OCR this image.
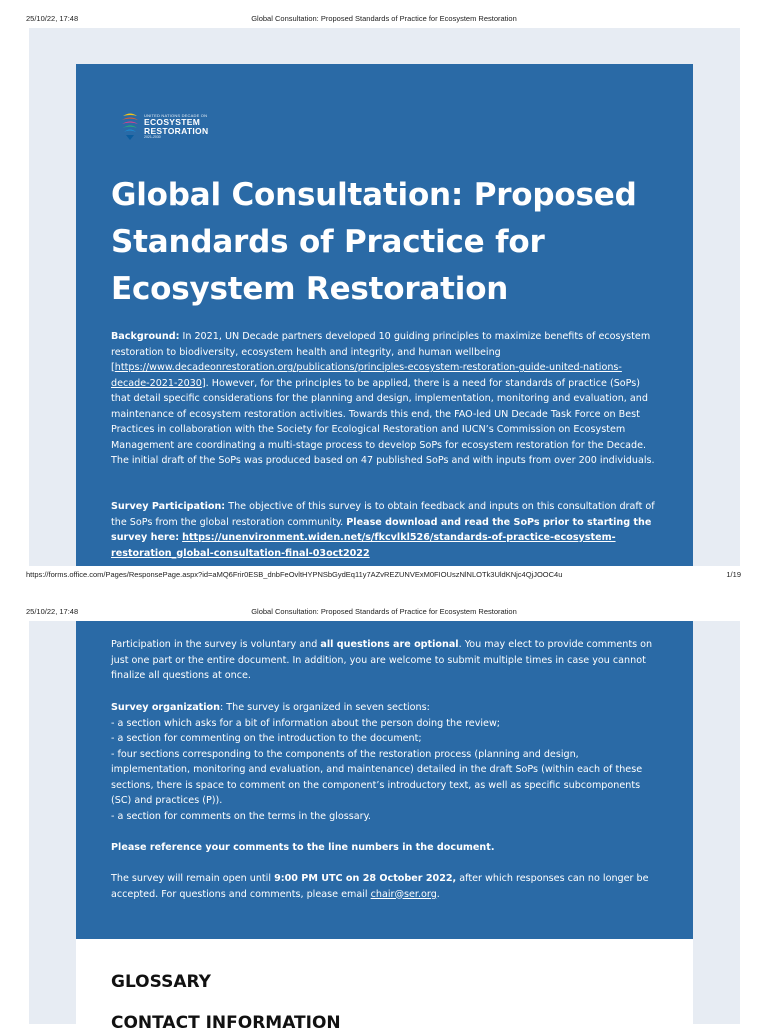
25/10/22, 17:48	Global Consultation: Proposed Standards of Practice for Ecosystem Restoration
UNITED NATIONS DECADE ON
ECOSYSTEM
RESTORATION
2021-2030
Global Consultation: Proposed Standards of Practice for Ecosystem Restoration

Background: In 2021, UN Decade partners developed 10 guiding principles to maximize benefits of ecosystem restoration to biodiversity, ecosystem health and integrity, and human wellbeing [https://www.decadeonrestoration.org/publications/principles-ecosystem-restoration-guide-united-nations-decade-2021-2030]. However, for the principles to be applied, there is a need for standards of practice (SoPs) that detail specific considerations for the planning and design, implementation, monitoring and evaluation, and maintenance of ecosystem restoration activities. Towards this end, the FAO-led UN Decade Task Force on Best Practices in collaboration with the Society for Ecological Restoration and IUCN’s Commission on Ecosystem Management are coordinating a multi-stage process to develop SoPs for ecosystem restoration for the Decade. The initial draft of the SoPs was produced based on 47 published SoPs and with inputs from over 200 individuals.

Survey Participation: The objective of this survey is to obtain feedback and inputs on this consultation draft of the SoPs from the global restoration community. Please download and read the SoPs prior to starting the survey here: https://unenvironment.widen.net/s/fkcvlkl526/standards-of-practice-ecosystem-restoration_global-consultation-final-03oct2022

https://forms.office.com/Pages/ResponsePage.aspx?id=aMQ6Frir0ESB_dnbFeOvltHYPNSbGydEq11y7AZvREZUNVExM0FIOUszNlNLOTk3UldKNjc4QjJOOC4u	1/19
25/10/22, 17:48	Global Consultation: Proposed Standards of Practice for Ecosystem Restoration

Participation in the survey is voluntary and all questions are optional. You may elect to provide comments on just one part or the entire document. In addition, you are welcome to submit multiple times in case you cannot finalize all questions at once.

Survey organization: The survey is organized in seven sections:
- a section which asks for a bit of information about the person doing the review;
- a section for commenting on the introduction to the document;
- four sections corresponding to the components of the restoration process (planning and design, implementation, monitoring and evaluation, and maintenance) detailed in the draft SoPs (within each of these sections, there is space to comment on the component’s introductory text, as well as specific subcomponents (SC) and practices (P)).
- a section for comments on the terms in the glossary.

Please reference your comments to the line numbers in the document.

The survey will remain open until 9:00 PM UTC on 28 October 2022, after which responses can no longer be accepted. For questions and comments, please email chair@ser.org.

GLOSSARY
CONTACT INFORMATION
